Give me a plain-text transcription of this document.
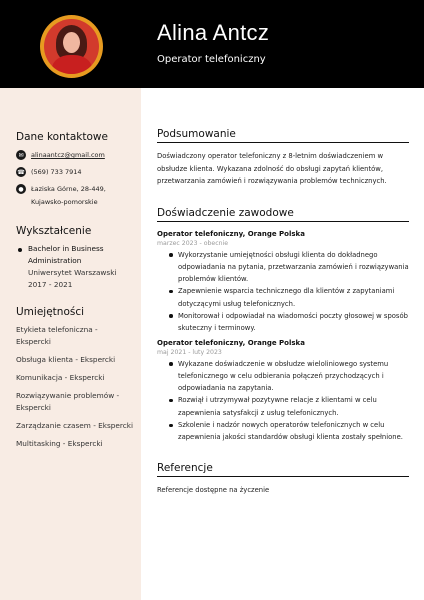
Alina Antcz
Operator telefoniczny
Dane kontaktowe
✉	alinaantcz@gmail.com
☎ (569) 733 7914
●	Łaziska Górne, 28-449, Kujawsko-pomorskie
Wykształcenie
Bachelor in Business Administration
Uniwersytet Warszawski
2017 - 2021
Umiejętności
Etykieta telefoniczna - Ekspercki
Obsługa klienta - Ekspercki
Komunikacja - Ekspercki
Rozwiązywanie problemów - Ekspercki
Zarządzanie czasem - Ekspercki
Multitasking - Ekspercki
Podsumowanie
Doświadczony operator telefoniczny z 8-letnim doświadczeniem w obsłudze klienta. Wykazana zdolność do obsługi zapytań klientów, przetwarzania zamówień i rozwiązywania problemów technicznych.
Doświadczenie zawodowe
Operator telefoniczny, Orange Polska
marzec 2023 - obecnie
Wykorzystanie umiejętności obsługi klienta do dokładnego odpowiadania na pytania, przetwarzania zamówień i rozwiązywania problemów klientów.
Zapewnienie wsparcia technicznego dla klientów z zapytaniami dotyczącymi usług telefonicznych.
Monitorował i odpowiadał na wiadomości poczty głosowej w sposób skuteczny i terminowy.
Operator telefoniczny, Orange Polska
maj 2021 - luty 2023
Wykazane doświadczenie w obsłudze wieloliniowego systemu telefonicznego w celu odbierania połączeń przychodzących i odpowiadania na zapytania.
Rozwiął i utrzymywał pozytywne relacje z klientami w celu zapewnienia satysfakcji z usług telefonicznych.
Szkolenie i nadzór nowych operatorów telefonicznych w celu zapewnienia jakości standardów obsługi klienta zostały spełnione.
Referencje
Referencje dostępne na życzenie
